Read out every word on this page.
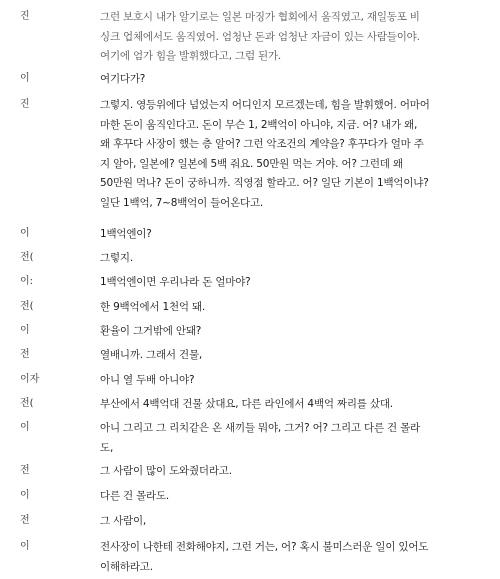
진	그런 보호시 내가 알기로는 일본 마징가 협회에서 움직였고, 재일동포 비
싱크 업체에서도 움직였어. 엄청난 돈과 엄청난 자금이 있는 사람들이야.
여기에 엄가 힘을 발휘했다고, 그럼 된가.
이	여기다가?
진	그렇지. 영등위에다 넘었는지 어디인지 모르겠는데, 힘을 발휘했어. 어마어
마한 돈이 움직인다고. 돈이 무슨 1, 2백억이 아니야, 지금. 어? 내가 왜,
왜 후꾸다 사장이 했는 층 알어? 그런 악조건의 계약을? 후꾸다가 얼마 주
지 알아, 일본에? 일본에 5백 줘요. 50만원 먹는 거야. 어? 그런데 왜
50만원 먹나? 돈이 궁하니까. 직영점 할라고. 어? 일단 기본이 1백억이냐?
일단 1백억, 7~8백억이 들어온다고.
이	1백억엔이?
전(	그렇지.
이:	1백억엔이면 우리나라 돈 얼마야?
전(	한 9백억에서 1천억 돼.
이	환율이 그거밖에 안돼?
전	열배니까. 그래서 건물,
이자	아니 열 두배 아니야?
전(	부산에서 4백억대 건물 샀대요, 다른 라인에서 4백억 짜리를 샀대.
이	아니 그리고 그 리치같은 온 새끼들 뭐야, 그거? 어? 그리고 다른 건 몰라
도,
전	그 사람이 많이 도와줬더라고.
이	다른 건 몰라도.
전	그 사람이,
이	전사장이 나한테 전화해야지, 그런 거는, 어? 혹시 불미스러운 일이 있어도
이해하라고.
